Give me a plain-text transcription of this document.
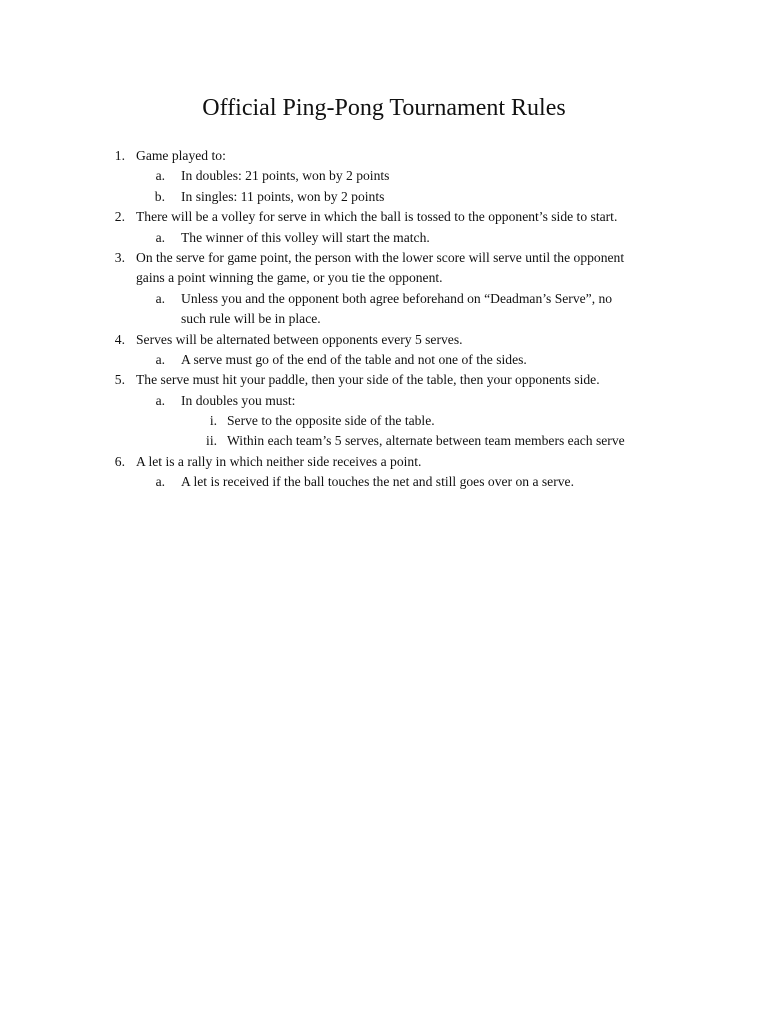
Official Ping-Pong Tournament Rules
1. Game played to:
a. In doubles: 21 points, won by 2 points
b. In singles: 11 points, won by 2 points
2. There will be a volley for serve in which the ball is tossed to the opponent’s side to start.
a. The winner of this volley will start the match.
3. On the serve for game point, the person with the lower score will serve until the opponent
gains a point winning the game, or you tie the opponent.
a. Unless you and the opponent both agree beforehand on “Deadman’s Serve”, no
such rule will be in place.
4. Serves will be alternated between opponents every 5 serves.
a. A serve must go of the end of the table and not one of the sides.
5. The serve must hit your paddle, then your side of the table, then your opponents side.
a. In doubles you must:
i. Serve to the opposite side of the table.
ii. Within each team’s 5 serves, alternate between team members each serve
6. A let is a rally in which neither side receives a point.
a. A let is received if the ball touches the net and still goes over on a serve.
